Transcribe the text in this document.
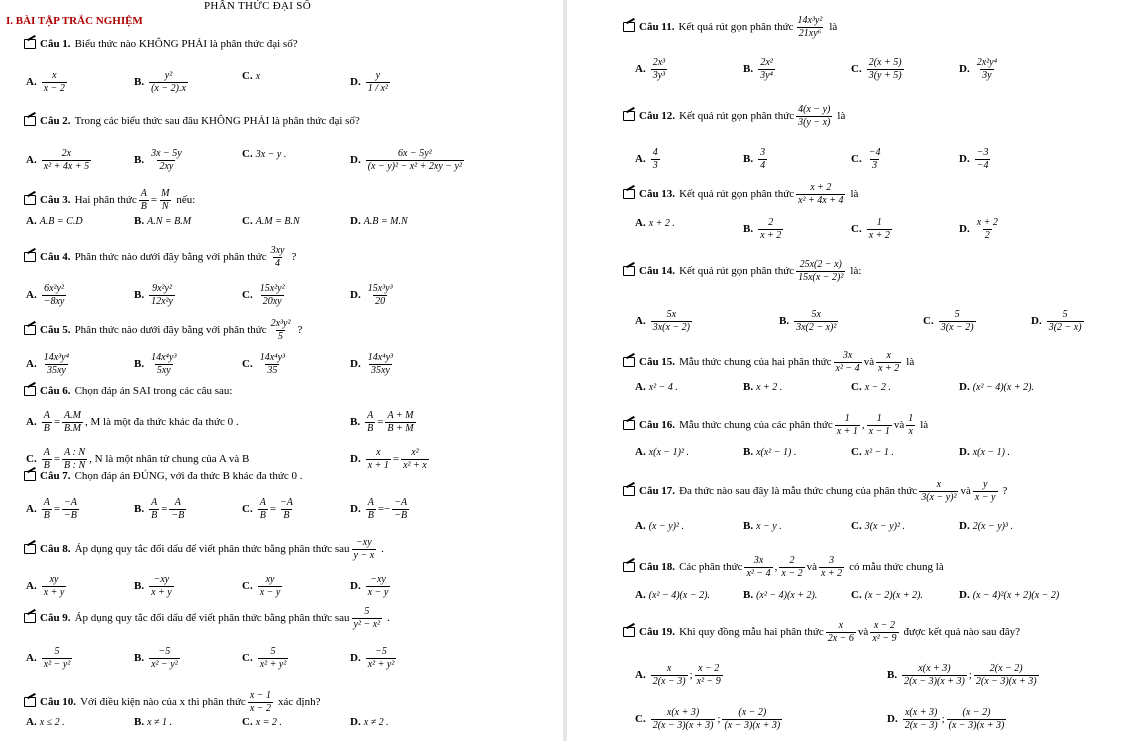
PHÂN THỨC ĐẠI SỐ
I. BÀI TẬP TRẮC NGHIỆM
Câu 1. Biểu thức nào KHÔNG PHẢI là phân thức đại số?
A. $\frac{x}{x - 2}$	B. $\frac{\text{y²}}{(x - 2).x}$	C. x	D. $\frac{y}{\text{1 / x²}}$
Câu 2. Trong các biểu thức sau đâu KHÔNG PHẢI là phân thức đại số?
A. $\frac{2x}{\text{x² + 4x + 5}}$	B. $\frac{3x - 5y}{2xy}$	C. 3x − y .	D. $\frac{\text{6x − 5y²}}{\text{(x − y)² − x² + 2xy − y²}}$
Câu 3. Hai phân thức $\frac{A}{B} = \frac{M}{N}$ nếu:
A. A.B = C.D	B. A.N = B.M	C. A.M = B.N	D. A.B = M.N
Câu 4. Phân thức nào dưới đây bằng với phân thức $\frac{3xy}{4}$ ?
A. $\frac{\text{6x²y²}}{-8xy}$	B. $\frac{\text{9x²y²}}{\text{12x²y}}$	C. $\frac{\text{15x²y²}}{20xy}$	D. $\frac{\text{15x³y³}}{20}$
Câu 5. Phân thức nào dưới đây bằng với phân thức $\frac{\text{2x³y²}}{5}$ ?
A. $\frac{\text{14x³y⁴}}{35xy}$	B. $\frac{\text{14x⁴y³}}{5xy}$	C. $\frac{\text{14x⁴y³}}{35}$	D. $\frac{\text{14x⁴y³}}{35xy}$
Câu 6. Chọn đáp án SAI trong các câu sau:
A. $\frac{A}{B} = \frac{A.M}{B.M}$ , M là một đa thức khác đa thức 0 .	B. $\frac{A}{B} = \frac{A + M}{B + M}$
C. $\frac{A}{B} = \frac{A : N}{B : N}$ , N là một nhân tử chung của A và B	D. $\frac{x}{x + 1} = \frac{\text{x²}}{\text{x² + x}}$
Câu 7. Chọn đáp án ĐÚNG, với đa thức B khác đa thức 0 .
A. $\frac{A}{B} = \frac{-A}{-B}$	B. $\frac{A}{B} = \frac{A}{-B}$	C. $\frac{A}{B} = \frac{-A}{B}$	D. $\frac{A}{B}$ = − $\frac{-A}{-B}$
Câu 8. Áp dụng quy tắc đổi dấu để viết phân thức bằng phân thức sau $\frac{-xy}{y - x}$ .
A. $\frac{xy}{x + y}$	B. $\frac{-xy}{x + y}$	C. $\frac{xy}{x - y}$	D. $\frac{-xy}{x - y}$
Câu 9. Áp dụng quy tắc đổi dấu để viết phân thức bằng phân thức sau $\frac{5}{\text{y² − x²}}$ .
A. $\frac{5}{\text{x² − y²}}$	B. $\frac{-5}{\text{x² − y²}}$	C. $\frac{5}{\text{x² + y²}}$	D. $\frac{-5}{\text{x² + y²}}$
Câu 10. Với điều kiện nào của x thì phân thức $\frac{x - 1}{x - 2}$ xác định?
A. x ≤ 2 .	B. x ≠ 1 .	C. x = 2 .	D. x ≠ 2 .
Câu 11. Kết quả rút gọn phân thức $\frac{\text{14x³y²}}{\text{21xy⁶}}$ là
A. $\frac{\text{2x³}}{\text{3y³}}$	B. $\frac{\text{2x²}}{\text{3y⁴}}$	C. $\frac{2(x + 5)}{3(y + 5)}$	D. $\frac{\text{2x²y⁴}}{3y}$
Câu 12. Kết quả rút gọn phân thức $\frac{4(x - y)}{3(y - x)}$ là
A. $\frac{4}{3}$	B. $\frac{3}{4}$	C. $\frac{-4}{3}$	D. $\frac{-3}{-4}$
Câu 13. Kết quả rút gọn phân thức $\frac{x + 2}{\text{x² + 4x + 4}}$ là
A. x + 2 .	B. $\frac{2}{x + 2}$	C. $\frac{1}{x + 2}$	D. $\frac{x + 2}{2}$
Câu 14. Kết quả rút gọn phân thức $\frac{25x(2 - x)}{\text{15x(x − 2)²}}$ là:
A. $\frac{5x}{3x(x - 2)}$	B. $\frac{5x}{\text{3x(2 − x)²}}$	C. $\frac{5}{3(x - 2)}$	D. $\frac{5}{3(2 - x)}$
Câu 15. Mẫu thức chung của hai phân thức $\frac{3x}{\text{x² − 4}}$ và $\frac{x}{x + 2}$ là
A. x² − 4 .	B. x + 2 .	C. x − 2 .	D. (x² − 4)(x + 2).
Câu 16. Mẫu thức chung của các phân thức $\frac{1}{x + 1}$ , $\frac{1}{x - 1}$ và $\frac{1}{x}$ là
A. x(x − 1)² .	B. x(x² − 1) .	C. x² − 1 .	D. x(x − 1) .
Câu 17. Đa thức nào sau đây là mẫu thức chung của phân thức $\frac{x}{\text{3(x − y)²}}$ và $\frac{y}{x - y}$ ?
A. (x − y)² .	B. x − y .	C. 3(x − y)² .	D. 2(x − y)³ .
Câu 18. Các phân thức $\frac{3x}{\text{x² − 4}}$ , $\frac{2}{x - 2}$ và $\frac{3}{x + 2}$ có mẫu thức chung là
A. (x² − 4)(x − 2).	B. (x² − 4)(x + 2).	C. (x − 2)(x + 2).	D. (x − 4)²(x + 2)(x − 2)
Câu 19. Khi quy đồng mẫu hai phân thức $\frac{x}{2x - 6}$ và $\frac{x - 2}{\text{x² − 9}}$ được kết quả nào sau đây?
A. $\frac{x}{2(x - 3)}$ ; $\frac{x - 2}{\text{x² − 9}}$	B. $\frac{x(x + 3)}{2(x - 3)(x + 3)}$ ; $\frac{2(x - 2)}{2(x - 3)(x + 3)}$
C. $\frac{x(x + 3)}{2(x - 3)(x + 3)}$ ; $\frac{(x - 2)}{(x - 3)(x + 3)}$	D. $\frac{x(x + 3)}{2(x - 3)}$ ; $\frac{(x - 2)}{(x - 3)(x + 3)}$
